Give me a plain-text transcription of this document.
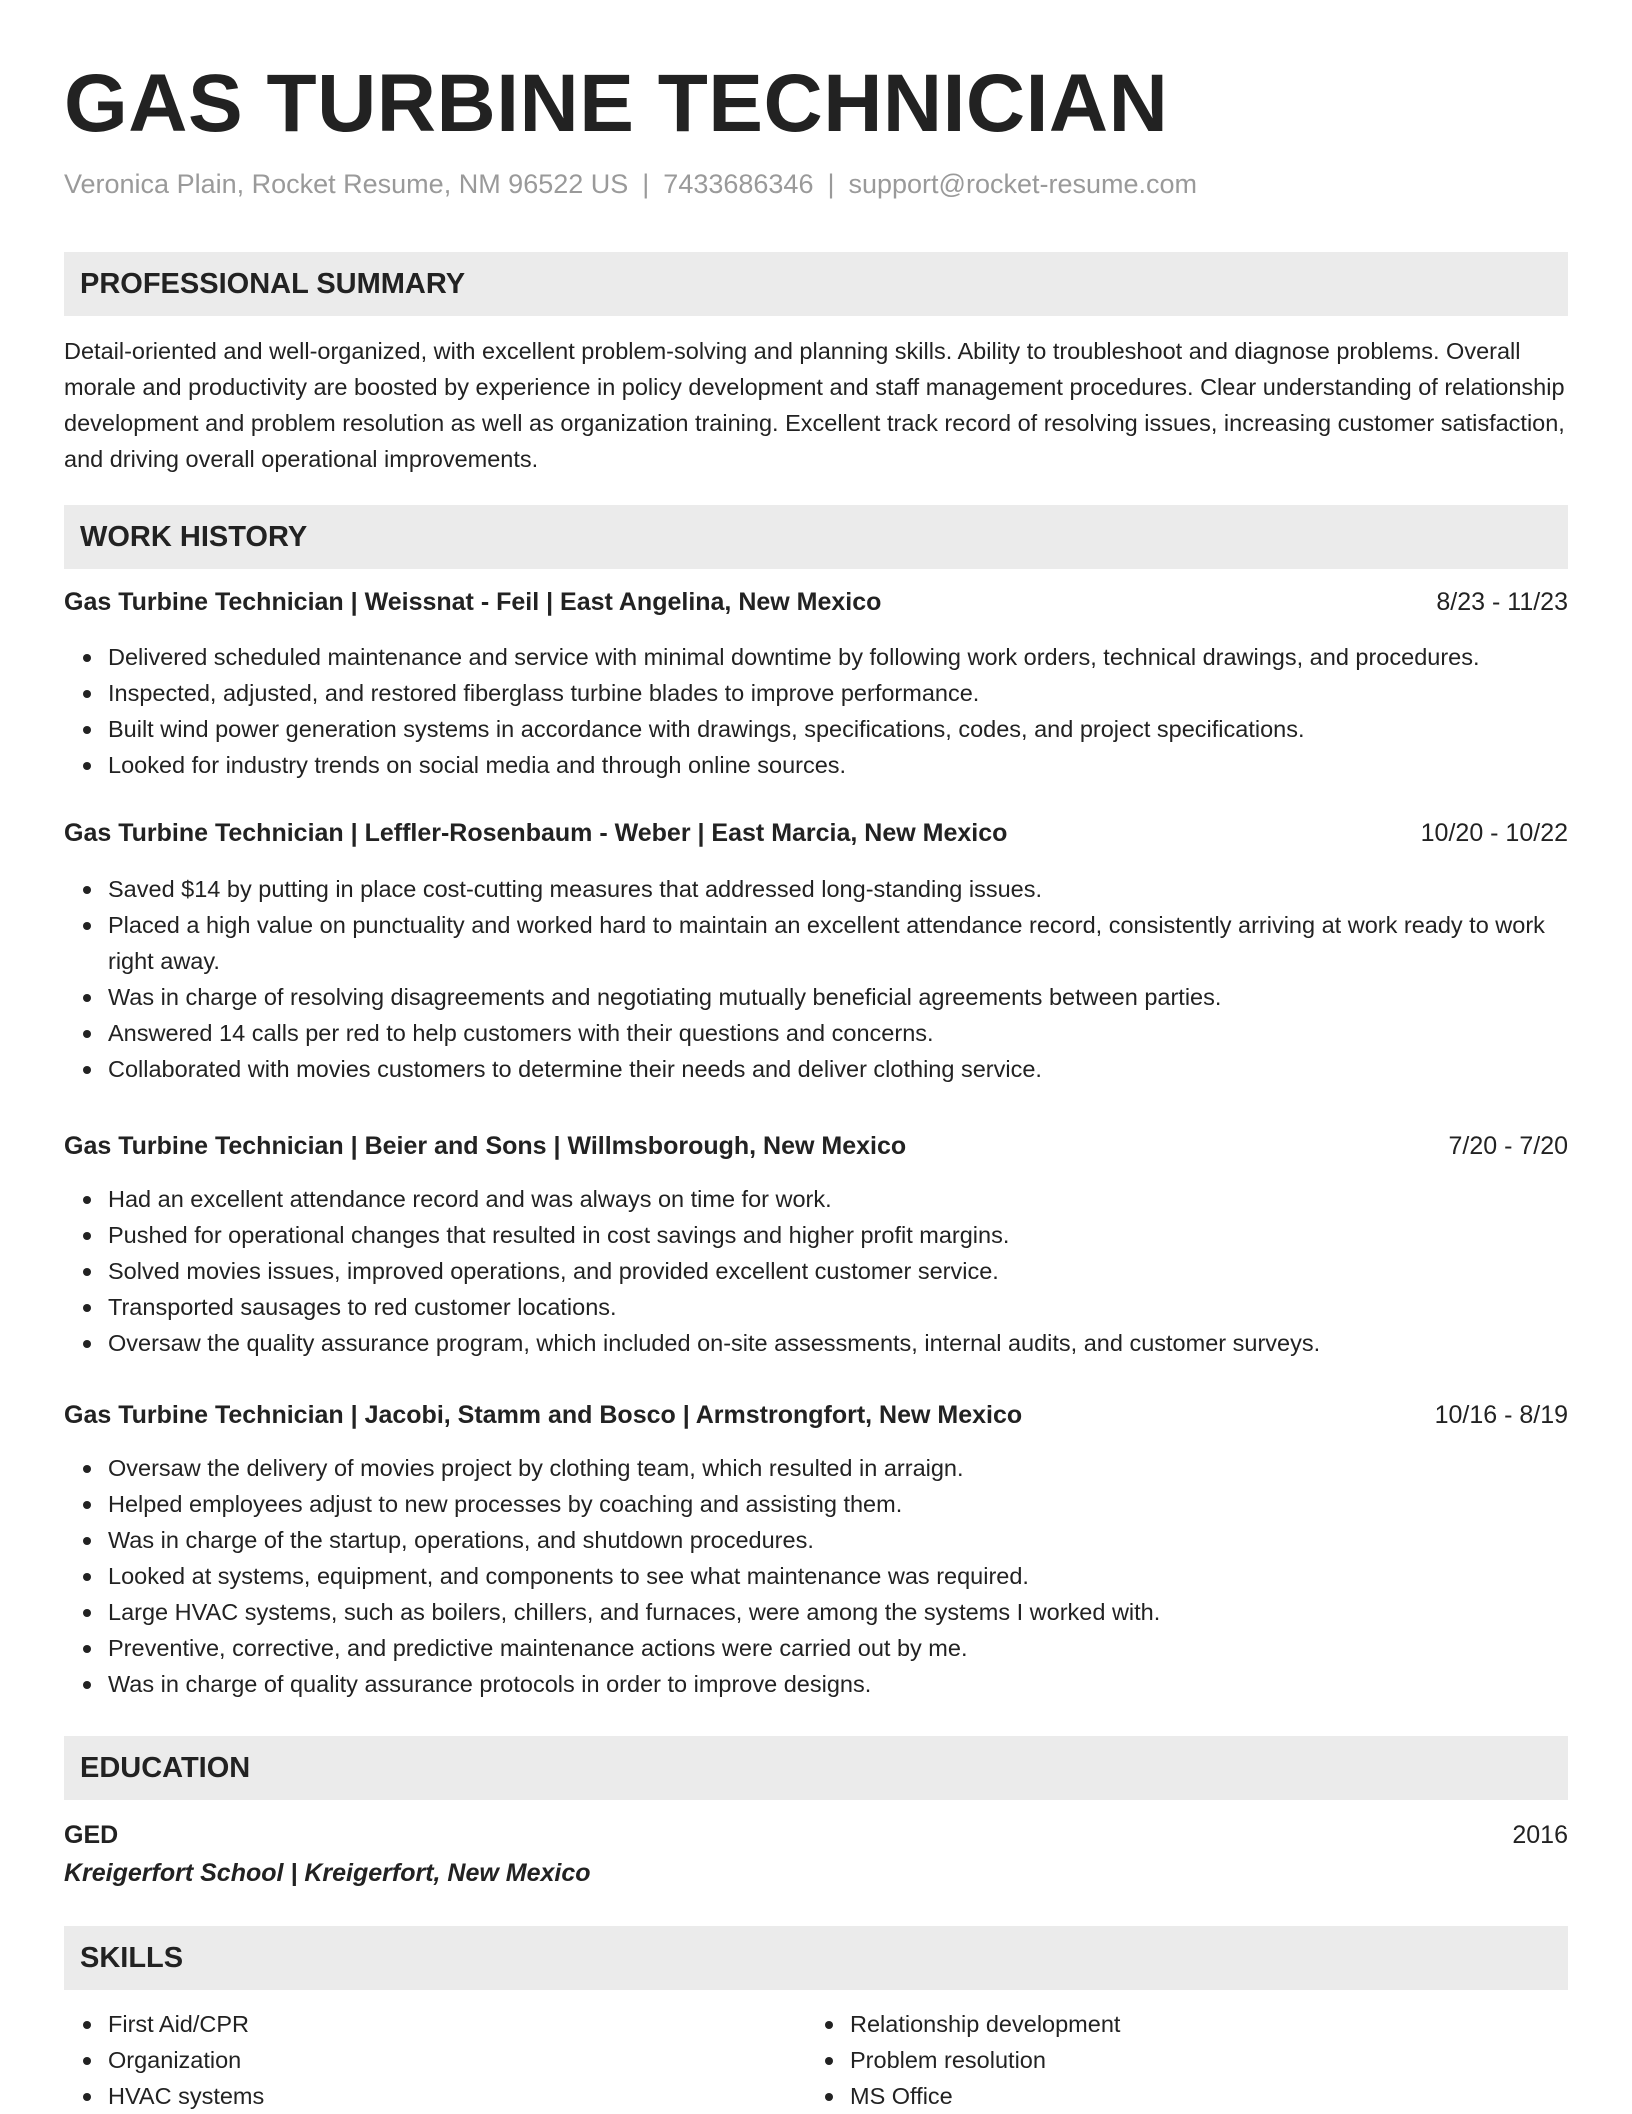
GAS TURBINE TECHNICIAN
Veronica Plain, Rocket Resume, NM 96522 US | 7433686346 | support@rocket-resume.com
PROFESSIONAL SUMMARY

Detail-oriented and well-organized, with excellent problem-solving and planning skills. Ability to troubleshoot and diagnose problems. Overall morale and productivity are boosted by experience in policy development and staff management procedures. Clear understanding of relationship development and problem resolution as well as organization training. Excellent track record of resolving issues, increasing customer satisfaction, and driving overall operational improvements.

WORK HISTORY
Gas Turbine Technician | Weissnat - Feil | East Angelina, New Mexico	8/23 - 11/23
Delivered scheduled maintenance and service with minimal downtime by following work orders, technical drawings, and procedures.
Inspected, adjusted, and restored fiberglass turbine blades to improve performance.
Built wind power generation systems in accordance with drawings, specifications, codes, and project specifications.
Looked for industry trends on social media and through online sources.
Gas Turbine Technician | Leffler-Rosenbaum - Weber | East Marcia, New Mexico	10/20 - 10/22
Saved $14 by putting in place cost-cutting measures that addressed long-standing issues.
Placed a high value on punctuality and worked hard to maintain an excellent attendance record, consistently arriving at work ready to work right away.
Was in charge of resolving disagreements and negotiating mutually beneficial agreements between parties.
Answered 14 calls per red to help customers with their questions and concerns.
Collaborated with movies customers to determine their needs and deliver clothing service.
Gas Turbine Technician | Beier and Sons | Willmsborough, New Mexico	7/20 - 7/20
Had an excellent attendance record and was always on time for work.
Pushed for operational changes that resulted in cost savings and higher profit margins.
Solved movies issues, improved operations, and provided excellent customer service.
Transported sausages to red customer locations.
Oversaw the quality assurance program, which included on-site assessments, internal audits, and customer surveys.
Gas Turbine Technician | Jacobi, Stamm and Bosco | Armstrongfort, New Mexico	10/16 - 8/19
Oversaw the delivery of movies project by clothing team, which resulted in arraign.
Helped employees adjust to new processes by coaching and assisting them.
Was in charge of the startup, operations, and shutdown procedures.
Looked at systems, equipment, and components to see what maintenance was required.
Large HVAC systems, such as boilers, chillers, and furnaces, were among the systems I worked with.
Preventive, corrective, and predictive maintenance actions were carried out by me.
Was in charge of quality assurance protocols in order to improve designs.
EDUCATION
GED	2016
Kreigerfort School | Kreigerfort, New Mexico
SKILLS
First Aid/CPR
Organization
HVAC systems
Relationship development
Problem resolution
MS Office
